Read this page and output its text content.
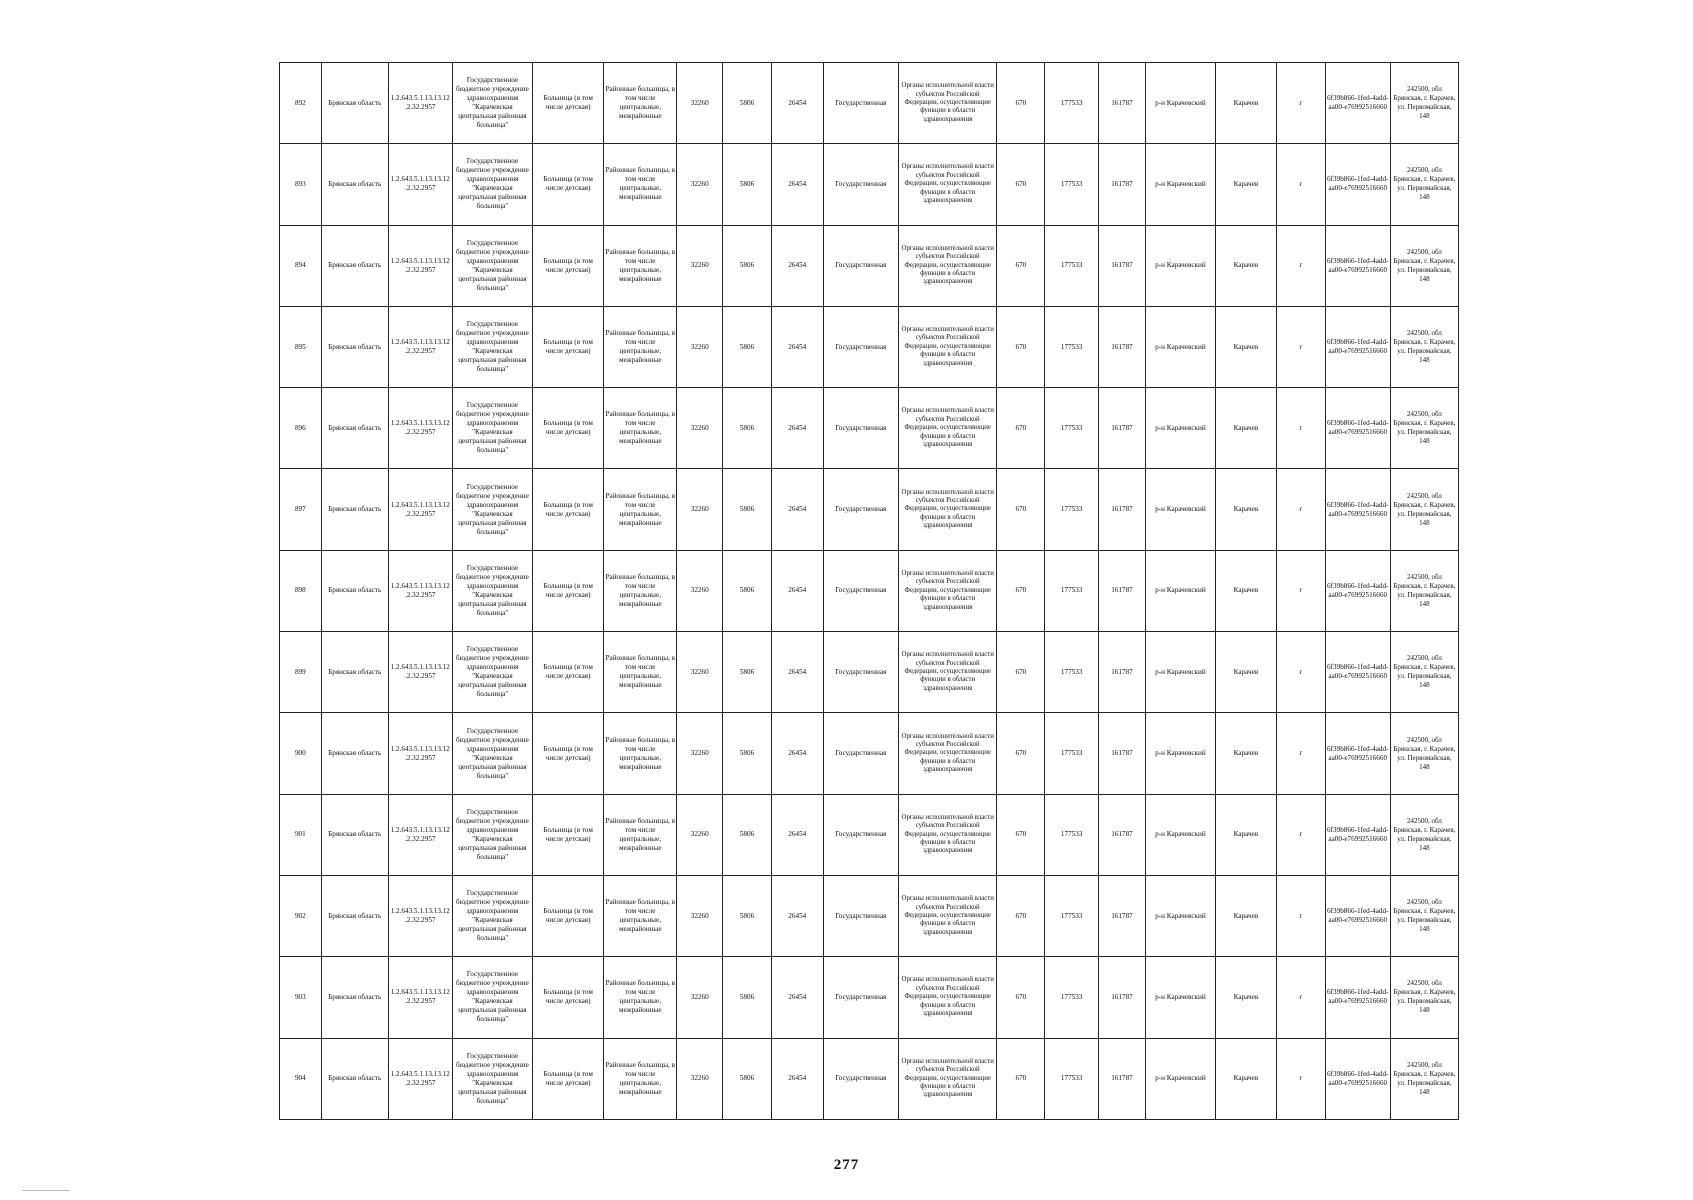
892	Брянская область	1.2.643.5.1.13.13.12.2.32.2957	Государственное бюджетное учреждение здравоохранения "Карачевская центральная районная больница"	Больница (в том числе детская)	Районные больницы, в том числе центральные, межрайонные	32260	5806	26454	Государственная	Органы исполнительной власти субъектов Российской Федерации, осуществляющие функции в области здравоохранения	670	177533	161787	р-н Карачевский	Карачев	г	6f39b866-1fed-4add-aa00-e76992516660	242500, обл Брянская, г. Карачев, ул. Первомайская, 148
893	Брянская область	1.2.643.5.1.13.13.12.2.32.2957	Государственное бюджетное учреждение здравоохранения "Карачевская центральная районная больница"	Больница (в том числе детская)	Районные больницы, в том числе центральные, межрайонные	32260	5806	26454	Государственная	Органы исполнительной власти субъектов Российской Федерации, осуществляющие функции в области здравоохранения	670	177533	161787	р-н Карачевский	Карачев	г	6f39b866-1fed-4add-aa00-e76992516660	242500, обл Брянская, г. Карачев, ул. Первомайская, 148
894	Брянская область	1.2.643.5.1.13.13.12.2.32.2957	Государственное бюджетное учреждение здравоохранения "Карачевская центральная районная больница"	Больница (в том числе детская)	Районные больницы, в том числе центральные, межрайонные	32260	5806	26454	Государственная	Органы исполнительной власти субъектов Российской Федерации, осуществляющие функции в области здравоохранения	670	177533	161787	р-н Карачевский	Карачев	г	6f39b866-1fed-4add-aa00-e76992516660	242500, обл Брянская, г. Карачев, ул. Первомайская, 148
895	Брянская область	1.2.643.5.1.13.13.12.2.32.2957	Государственное бюджетное учреждение здравоохранения "Карачевская центральная районная больница"	Больница (в том числе детская)	Районные больницы, в том числе центральные, межрайонные	32260	5806	26454	Государственная	Органы исполнительной власти субъектов Российской Федерации, осуществляющие функции в области здравоохранения	670	177533	161787	р-н Карачевский	Карачев	г	6f39b866-1fed-4add-aa00-e76992516660	242500, обл Брянская, г. Карачев, ул. Первомайская, 148
896	Брянская область	1.2.643.5.1.13.13.12.2.32.2957	Государственное бюджетное учреждение здравоохранения "Карачевская центральная районная больница"	Больница (в том числе детская)	Районные больницы, в том числе центральные, межрайонные	32260	5806	26454	Государственная	Органы исполнительной власти субъектов Российской Федерации, осуществляющие функции в области здравоохранения	670	177533	161787	р-н Карачевский	Карачев	г	6f39b866-1fed-4add-aa00-e76992516660	242500, обл Брянская, г. Карачев, ул. Первомайская, 148
897	Брянская область	1.2.643.5.1.13.13.12.2.32.2957	Государственное бюджетное учреждение здравоохранения "Карачевская центральная районная больница"	Больница (в том числе детская)	Районные больницы, в том числе центральные, межрайонные	32260	5806	26454	Государственная	Органы исполнительной власти субъектов Российской Федерации, осуществляющие функции в области здравоохранения	670	177533	161787	р-н Карачевский	Карачев	г	6f39b866-1fed-4add-aa00-e76992516660	242500, обл Брянская, г. Карачев, ул. Первомайская, 148
898	Брянская область	1.2.643.5.1.13.13.12.2.32.2957	Государственное бюджетное учреждение здравоохранения "Карачевская центральная районная больница"	Больница (в том числе детская)	Районные больницы, в том числе центральные, межрайонные	32260	5806	26454	Государственная	Органы исполнительной власти субъектов Российской Федерации, осуществляющие функции в области здравоохранения	670	177533	161787	р-н Карачевский	Карачев	г	6f39b866-1fed-4add-aa00-e76992516660	242500, обл Брянская, г. Карачев, ул. Первомайская, 148
899	Брянская область	1.2.643.5.1.13.13.12.2.32.2957	Государственное бюджетное учреждение здравоохранения "Карачевская центральная районная больница"	Больница (в том числе детская)	Районные больницы, в том числе центральные, межрайонные	32260	5806	26454	Государственная	Органы исполнительной власти субъектов Российской Федерации, осуществляющие функции в области здравоохранения	670	177533	161787	р-н Карачевский	Карачев	г	6f39b866-1fed-4add-aa00-e76992516660	242500, обл Брянская, г. Карачев, ул. Первомайская, 148
900	Брянская область	1.2.643.5.1.13.13.12.2.32.2957	Государственное бюджетное учреждение здравоохранения "Карачевская центральная районная больница"	Больница (в том числе детская)	Районные больницы, в том числе центральные, межрайонные	32260	5806	26454	Государственная	Органы исполнительной власти субъектов Российской Федерации, осуществляющие функции в области здравоохранения	670	177533	161787	р-н Карачевский	Карачев	г	6f39b866-1fed-4add-aa00-e76992516660	242500, обл Брянская, г. Карачев, ул. Первомайская, 148
901	Брянская область	1.2.643.5.1.13.13.12.2.32.2957	Государственное бюджетное учреждение здравоохранения "Карачевская центральная районная больница"	Больница (в том числе детская)	Районные больницы, в том числе центральные, межрайонные	32260	5806	26454	Государственная	Органы исполнительной власти субъектов Российской Федерации, осуществляющие функции в области здравоохранения	670	177533	161787	р-н Карачевский	Карачев	г	6f39b866-1fed-4add-aa00-e76992516660	242500, обл Брянская, г. Карачев, ул. Первомайская, 148
902	Брянская область	1.2.643.5.1.13.13.12.2.32.2957	Государственное бюджетное учреждение здравоохранения "Карачевская центральная районная больница"	Больница (в том числе детская)	Районные больницы, в том числе центральные, межрайонные	32260	5806	26454	Государственная	Органы исполнительной власти субъектов Российской Федерации, осуществляющие функции в области здравоохранения	670	177533	161787	р-н Карачевский	Карачев	г	6f39b866-1fed-4add-aa00-e76992516660	242500, обл Брянская, г. Карачев, ул. Первомайская, 148
903	Брянская область	1.2.643.5.1.13.13.12.2.32.2957	Государственное бюджетное учреждение здравоохранения "Карачевская центральная районная больница"	Больница (в том числе детская)	Районные больницы, в том числе центральные, межрайонные	32260	5806	26454	Государственная	Органы исполнительной власти субъектов Российской Федерации, осуществляющие функции в области здравоохранения	670	177533	161787	р-н Карачевский	Карачев	г	6f39b866-1fed-4add-aa00-e76992516660	242500, обл Брянская, г. Карачев, ул. Первомайская, 148
904	Брянская область	1.2.643.5.1.13.13.12.2.32.2957	Государственное бюджетное учреждение здравоохранения "Карачевская центральная районная больница"	Больница (в том числе детская)	Районные больницы, в том числе центральные, межрайонные	32260	5806	26454	Государственная	Органы исполнительной власти субъектов Российской Федерации, осуществляющие функции в области здравоохранения	670	177533	161787	р-н Карачевский	Карачев	г	6f39b866-1fed-4add-aa00-e76992516660	242500, обл Брянская, г. Карачев, ул. Первомайская, 148
277
